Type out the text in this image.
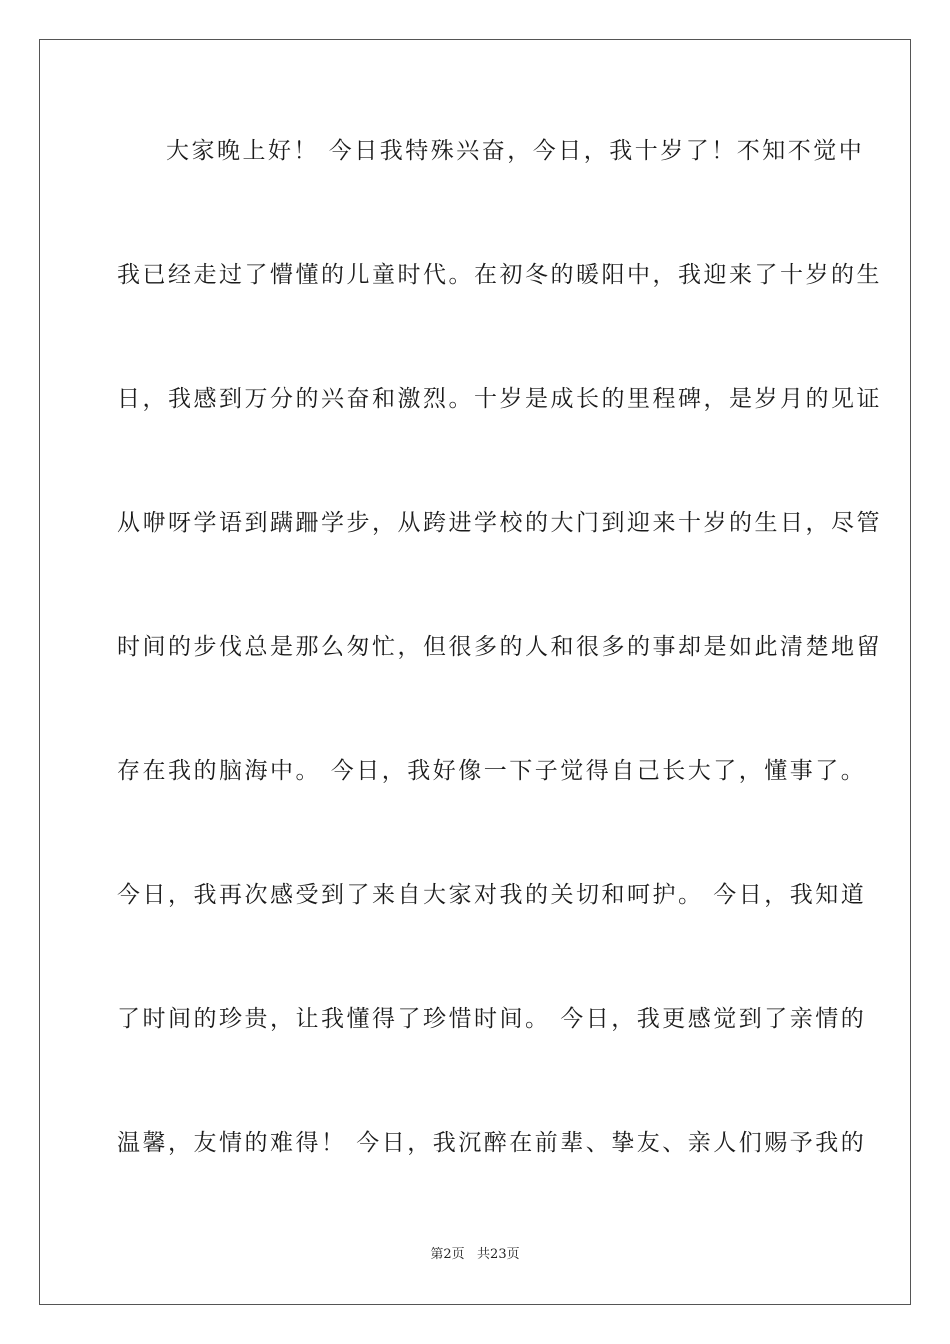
大家晚上好！ 今日我特殊兴奋，今日，我十岁了！不知不觉中
我已经走过了懵懂的儿童时代。在初冬的暖阳中，我迎来了十岁的生
日，我感到万分的兴奋和激烈。十岁是成长的里程碑，是岁月的见证
从咿呀学语到蹒跚学步，从跨进学校的大门到迎来十岁的生日，尽管
时间的步伐总是那么匆忙，但很多的人和很多的事却是如此清楚地留
存在我的脑海中。 今日，我好像一下子觉得自己长大了，懂事了。
今日，我再次感受到了来自大家对我的关切和呵护。 今日，我知道
了时间的珍贵，让我懂得了珍惜时间。 今日，我更感觉到了亲情的
温馨，友情的难得！ 今日，我沉醉在前辈、挚友、亲人们赐予我的
第2页   共23页
